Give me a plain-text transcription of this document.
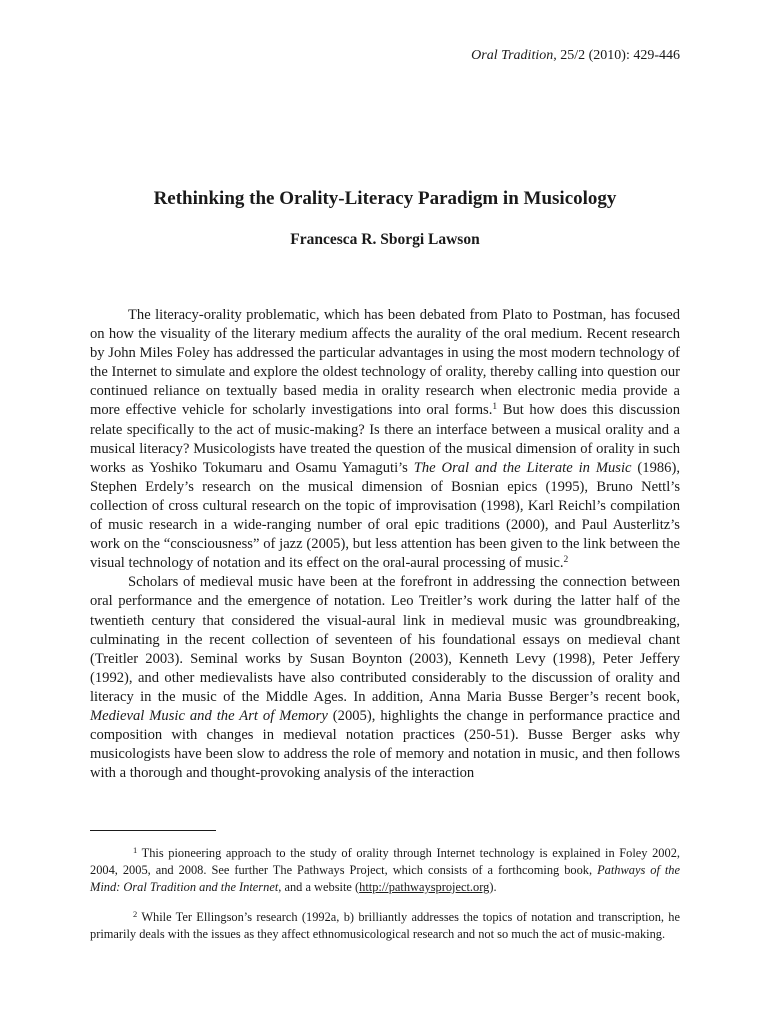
Oral Tradition, 25/2 (2010): 429-446
Rethinking the Orality-Literacy Paradigm in Musicology
Francesca R. Sborgi Lawson

The literacy-orality problematic, which has been debated from Plato to Postman, has focused on how the visuality of the literary medium affects the aurality of the oral medium. Recent research by John Miles Foley has addressed the particular advantages in using the most modern technology of the Internet to simulate and explore the oldest technology of orality, thereby calling into question our continued reliance on textually based media in orality research when electronic media provide a more effective vehicle for scholarly investigations into oral forms.$^1$ But how does this discussion relate specifically to the act of music-making? Is there an interface between a musical orality and a musical literacy? Musicologists have treated the question of the musical dimension of orality in such works as Yoshiko Tokumaru and Osamu Yamaguti’s The Oral and the Literate in Music (1986), Stephen Erdely’s research on the musical dimension of Bosnian epics (1995), Bruno Nettl’s collection of cross cultural research on the topic of improvisation (1998), Karl Reichl’s compilation of music research in a wide-ranging number of oral epic traditions (2000), and Paul Austerlitz’s work on the “consciousness” of jazz (2005), but less attention has been given to the link between the visual technology of notation and its effect on the oral-aural processing of music.$^2$

Scholars of medieval music have been at the forefront in addressing the connection between oral performance and the emergence of notation. Leo Treitler’s work during the latter half of the twentieth century that considered the visual-aural link in medieval music was groundbreaking, culminating in the recent collection of seventeen of his foundational essays on medieval chant (Treitler 2003). Seminal works by Susan Boynton (2003), Kenneth Levy (1998), Peter Jeffery (1992), and other medievalists have also contributed considerably to the discussion of orality and literacy in the music of the Middle Ages. In addition, Anna Maria Busse Berger’s recent book, Medieval Music and the Art of Memory (2005), highlights the change in performance practice and composition with changes in medieval notation practices (250-51). Busse Berger asks why musicologists have been slow to address the role of memory and notation in music, and then follows with a thorough and thought-provoking analysis of the interaction

$^1$ This pioneering approach to the study of orality through Internet technology is explained in Foley 2002, 2004, 2005, and 2008. See further The Pathways Project, which consists of a forthcoming book, Pathways of the Mind: Oral Tradition and the Internet, and a website (http://pathwaysproject.org).

$^2$ While Ter Ellingson’s research (1992a, b) brilliantly addresses the topics of notation and transcription, he primarily deals with the issues as they affect ethnomusicological research and not so much the act of music-making.
